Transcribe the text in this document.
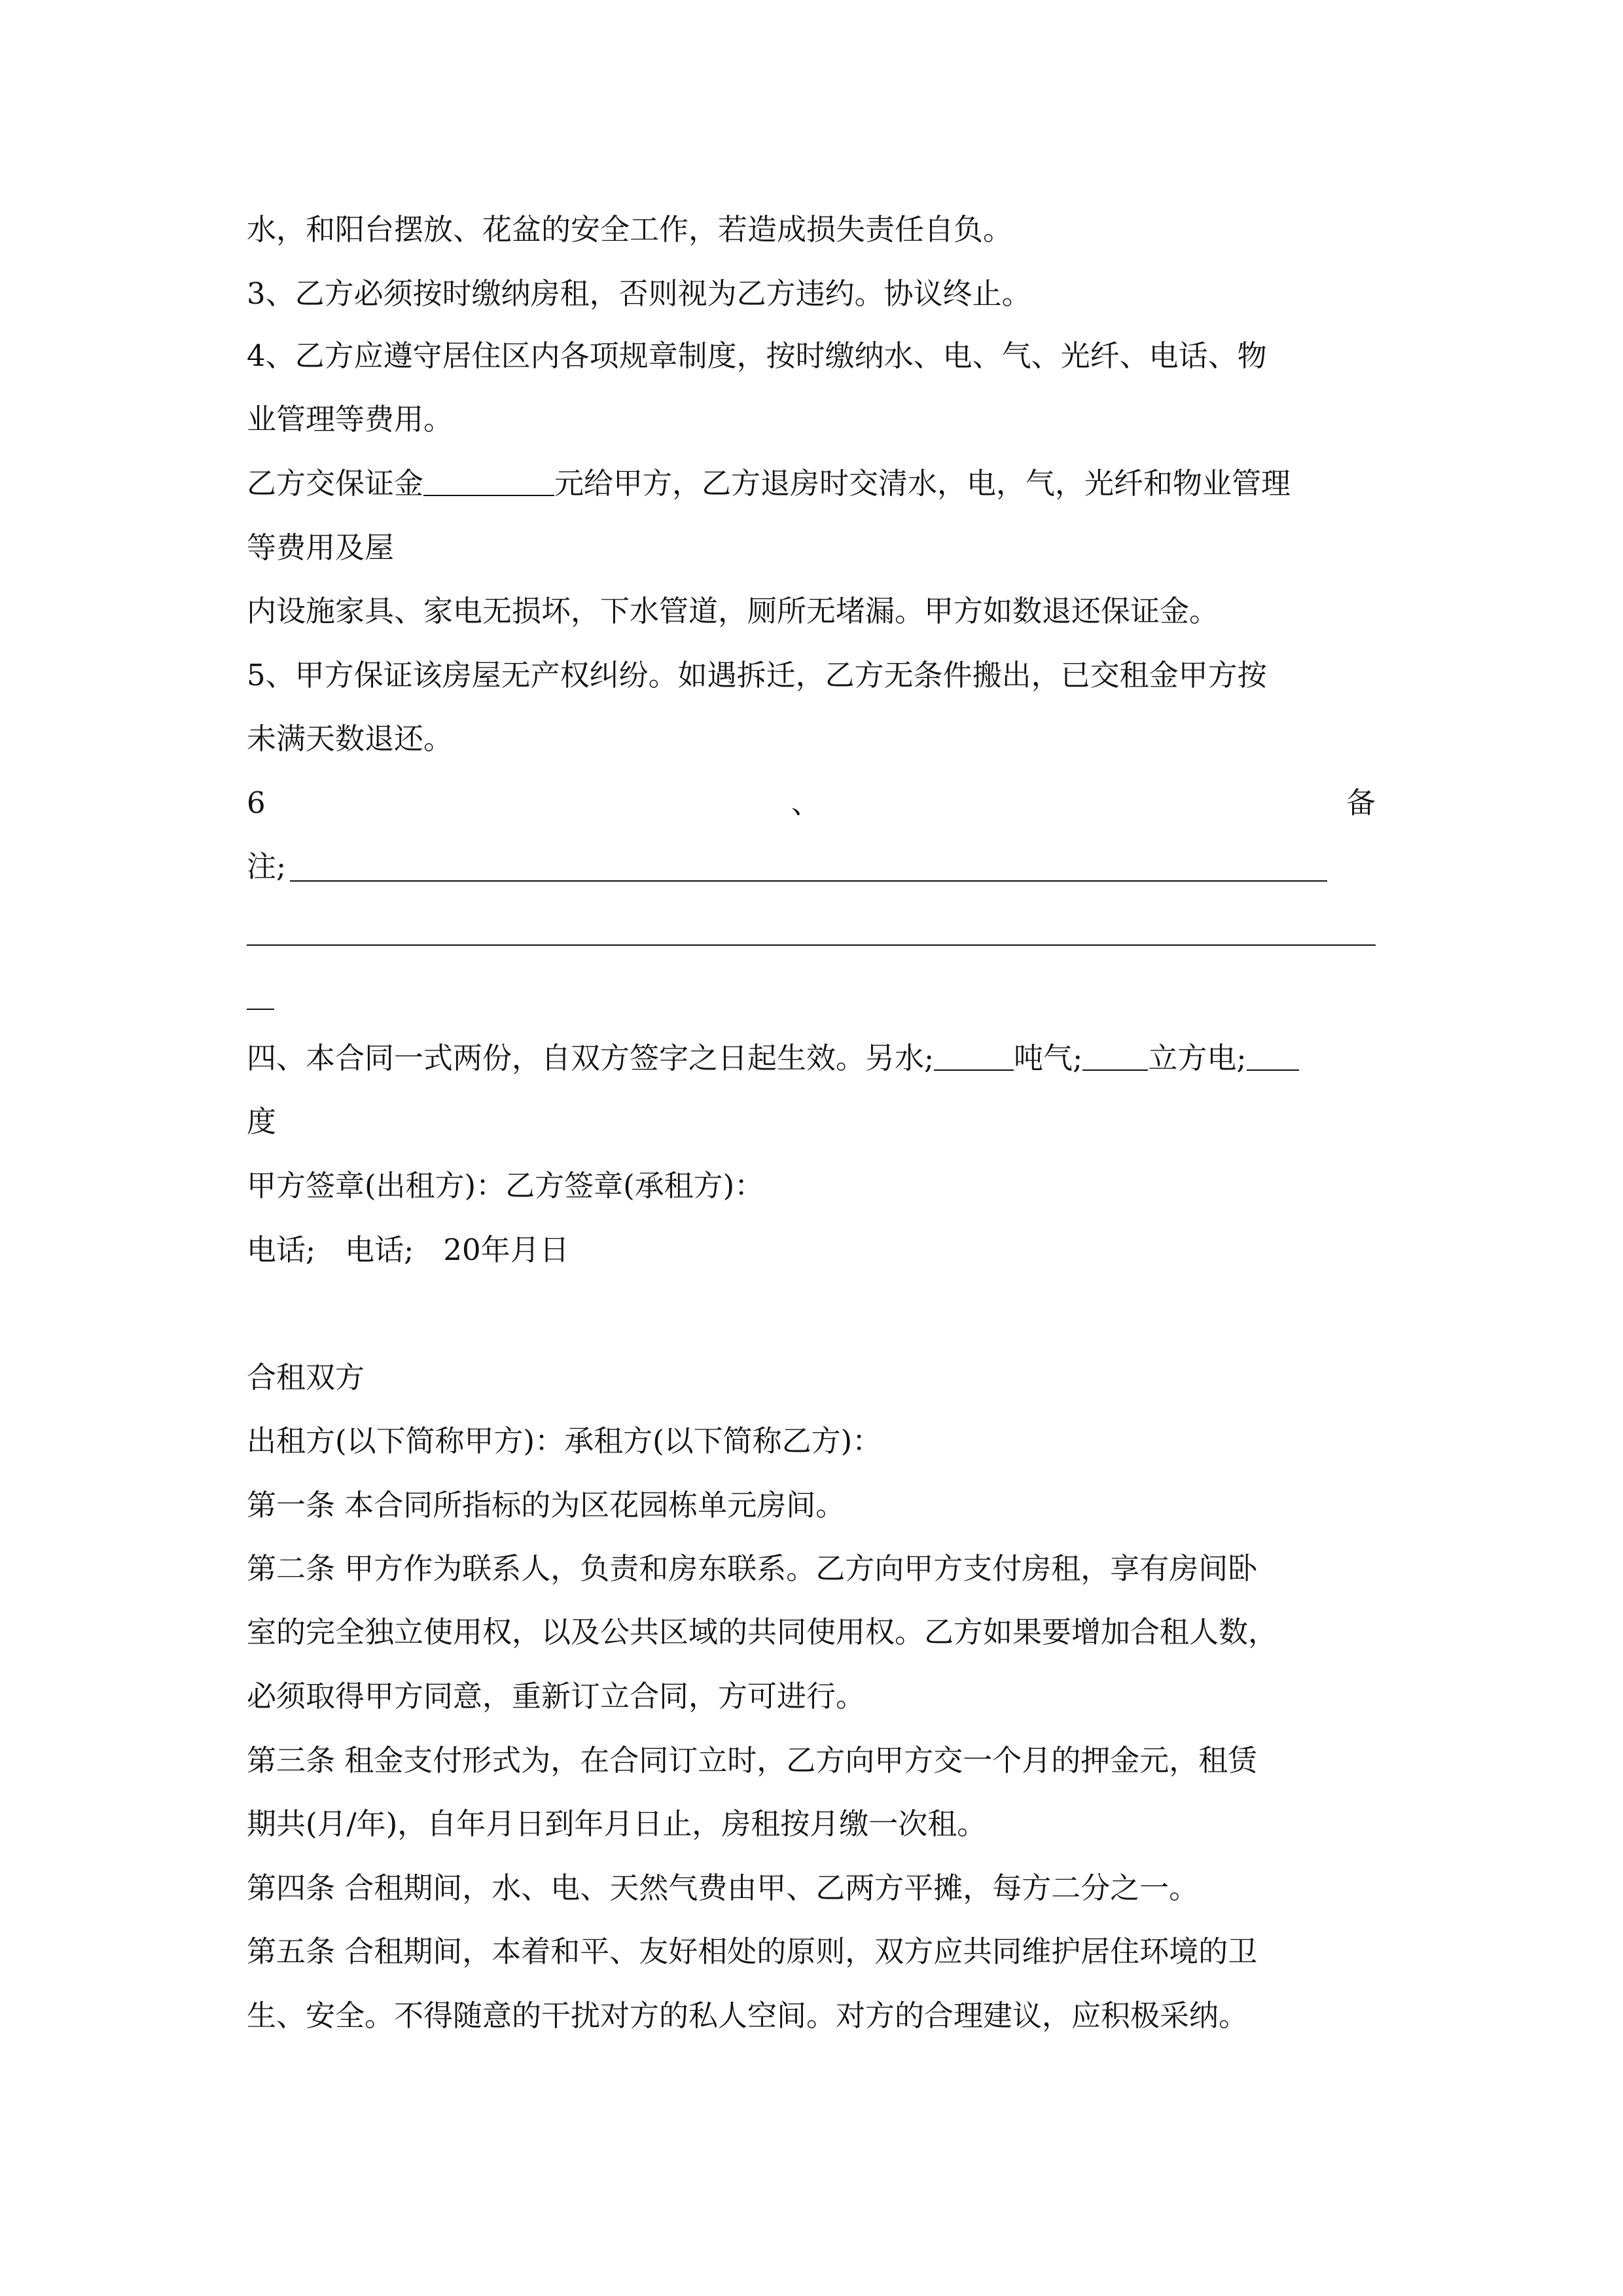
水，和阳台摆放、花盆的安全工作，若造成损失责任自负。
3、乙方必须按时缴纳房租，否则视为乙方违约。协议终止。
4、乙方应遵守居住区内各项规章制度，按时缴纳水、电、气、光纤、电话、物
业管理等费用。
乙方交保证金	元给甲方，乙方退房时交清水，电，气，光纤和物业管理
等费用及屋
内设施家具、家电无损坏，下水管道，厕所无堵漏。甲方如数退还保证金。
5、甲方保证该房屋无产权纠纷。如遇拆迁，乙方无条件搬出，已交租金甲方按
未满天数退还。
6	、	备
注;
四、本合同一式两份，自双方签字之日起生效。另水;	吨气; 立方电;
度
甲方签章(出租方)：乙方签章(承租方)：
电话;　电话;　20年月日
合租双方
出租方(以下简称甲方)：承租方(以下简称乙方)：
第一条 本合同所指标的为区花园栋单元房间。
第二条 甲方作为联系人，负责和房东联系。乙方向甲方支付房租，享有房间卧
室的完全独立使用权，以及公共区域的共同使用权。乙方如果要增加合租人数，
必须取得甲方同意，重新订立合同，方可进行。
第三条 租金支付形式为，在合同订立时，乙方向甲方交一个月的押金元，租赁
期共(月/年)，自年月日到年月日止，房租按月缴一次租。
第四条 合租期间，水、电、天然气费由甲、乙两方平摊，每方二分之一。
第五条 合租期间，本着和平、友好相处的原则，双方应共同维护居住环境的卫
生、安全。不得随意的干扰对方的私人空间。对方的合理建议，应积极采纳。
